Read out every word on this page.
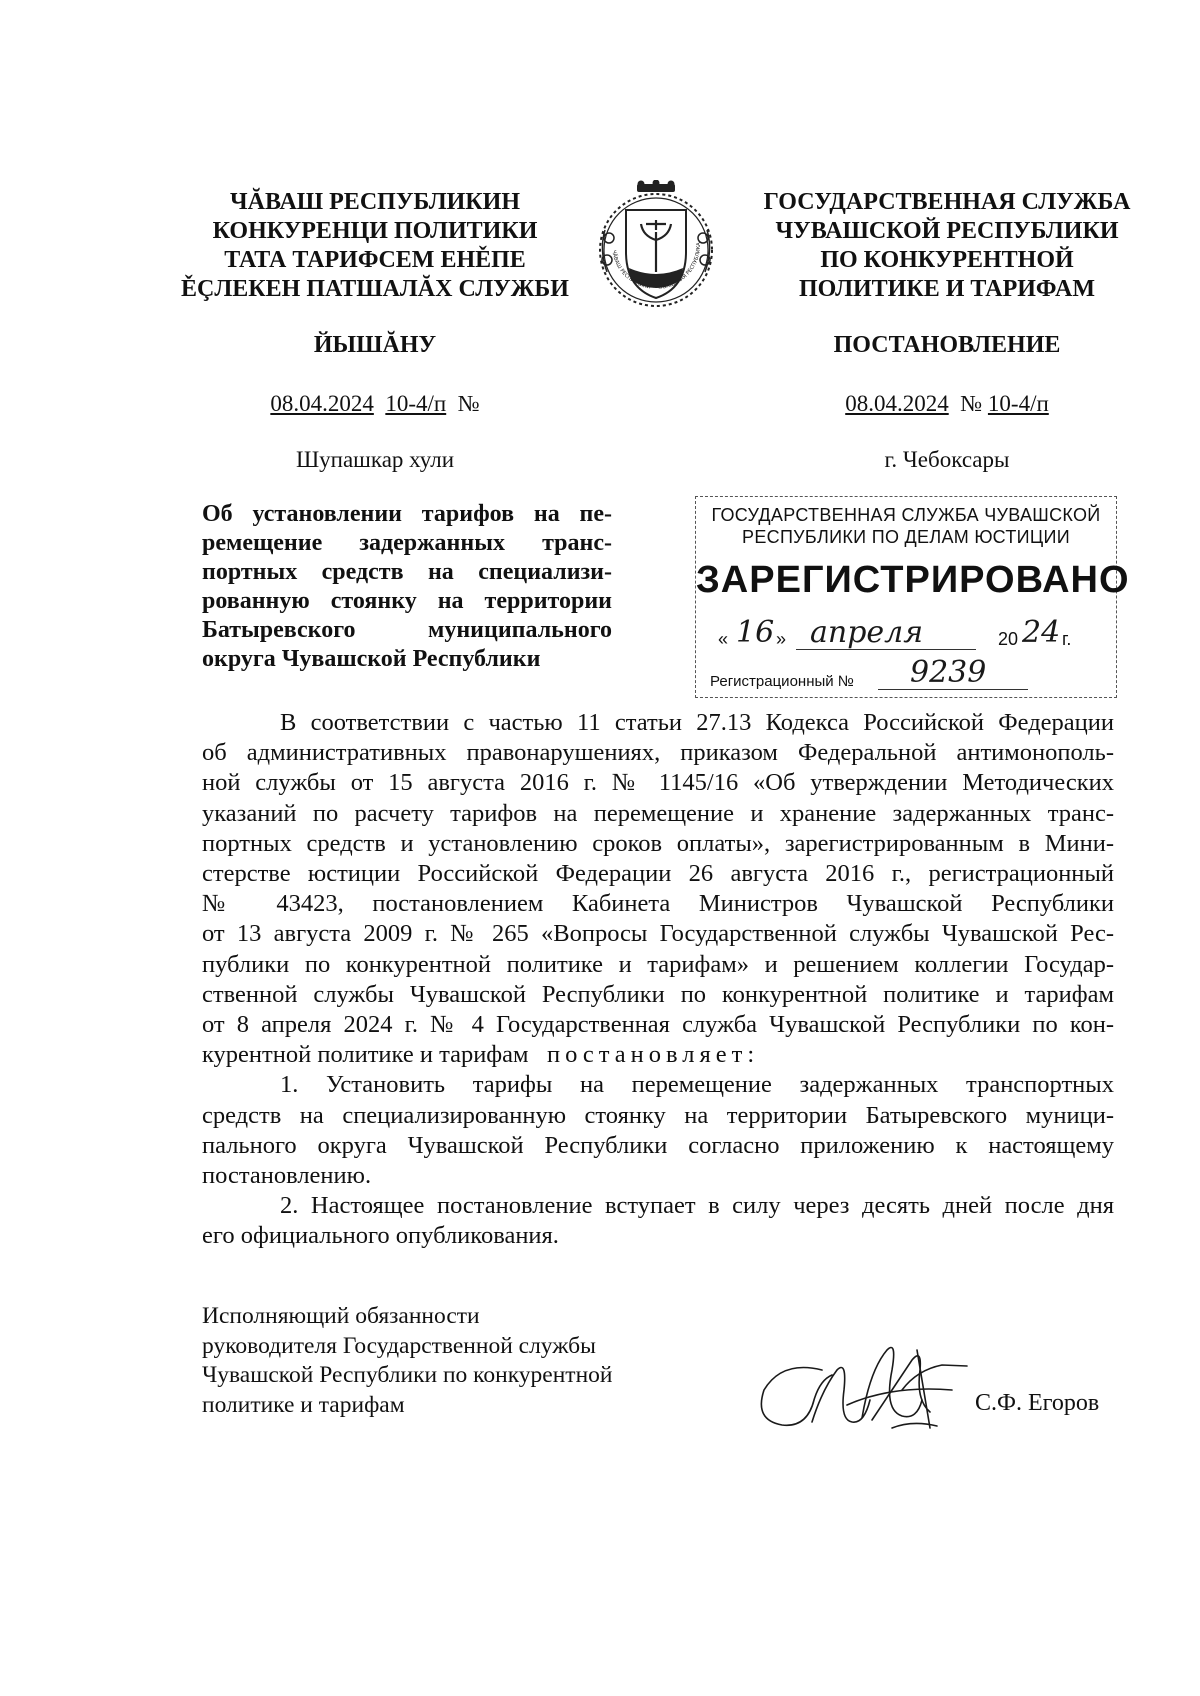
ЧĂВАШ РЕСПУБЛИКИН
КОНКУРЕНЦИ ПОЛИТИКИ
ТАТА ТАРИФСЕМ ЕНĚПЕ
ĚÇЛЕКЕН ПАТШАЛĂХ СЛУЖБИ
ЧĂВАШ РЕСПУБЛИКИ • ЧУВАШСКАЯ РЕСПУБЛИКА
ГОСУДАРСТВЕННАЯ СЛУЖБА
ЧУВАШСКОЙ РЕСПУБЛИКИ
ПО КОНКУРЕНТНОЙ
ПОЛИТИКЕ И ТАРИФАМ
ЙЫШĂНУ	ПОСТАНОВЛЕНИЕ
08.04.2024 10-4/п №	08.04.2024 № 10-4/п
Шупашкар хули	г. Чебоксары
Об установлении тарифов на пе-
ремещение задержанных транс-
портных средств на специализи-
рованную стоянку на территории
Батыревского муниципального
округа Чувашской Республики
ГОСУДАРСТВЕННАЯ СЛУЖБА ЧУВАШСКОЙ
РЕСПУБЛИКИ ПО ДЕЛАМ ЮСТИЦИИ
ЗАРЕГИСТРИРОВАНО
« 16 » апреля	20 24 г.
Регистрационный № 9239
В соответствии с частью 11 статьи 27.13 Кодекса Российской Федерации
об административных правонарушениях, приказом Федеральной антимонополь-
ной службы от 15 августа 2016 г. № 1145/16 «Об утверждении Методических
указаний по расчету тарифов на перемещение и хранение задержанных транс-
портных средств и установлению сроков оплаты», зарегистрированным в Мини-
стерстве юстиции Российской Федерации 26 августа 2016 г., регистрационный
№ 43423, постановлением Кабинета Министров Чувашской Республики
от 13 августа 2009 г. № 265 «Вопросы Государственной службы Чувашской Рес-
публики по конкурентной политике и тарифам» и решением коллегии Государ-
ственной службы Чувашской Республики по конкурентной политике и тарифам
от 8 апреля 2024 г. № 4 Государственная служба Чувашской Республики по кон-
курентной политике и тарифам постановляет:
1. Установить тарифы на перемещение задержанных транспортных
средств на специализированную стоянку на территории Батыревского муници-
пального округа Чувашской Республики согласно приложению к настоящему
постановлению.
2. Настоящее постановление вступает в силу через десять дней после дня
его официального опубликования.
Исполняющий обязанности
руководителя Государственной службы
Чувашской Республики по конкурентной
политике и тарифам	С.Ф. Егоров
